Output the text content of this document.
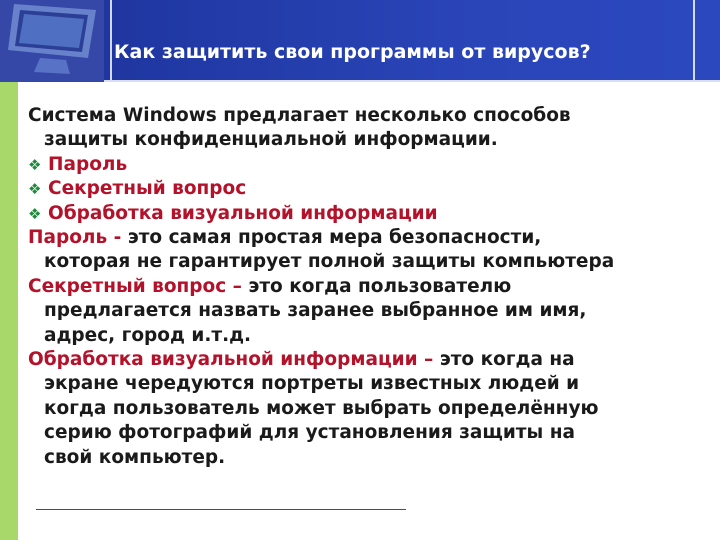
Как защитить свои программы от вирусов?
Система Windows предлагает несколько способов
защиты конфиденциальной информации.
❖ Пароль
❖ Секретный вопрос
❖ Обработка визуальной информации
Пароль - это самая простая мера безопасности,
которая не гарантирует полной защиты компьютера
Секретный вопрос – это когда пользователю
предлагается назвать заранее выбранное им имя,
адрес, город и.т.д.
Обработка визуальной информации – это когда на
экране чередуются портреты известных людей и
когда пользователь может выбрать определённую
серию фотографий для установления защиты на
свой компьютер.
